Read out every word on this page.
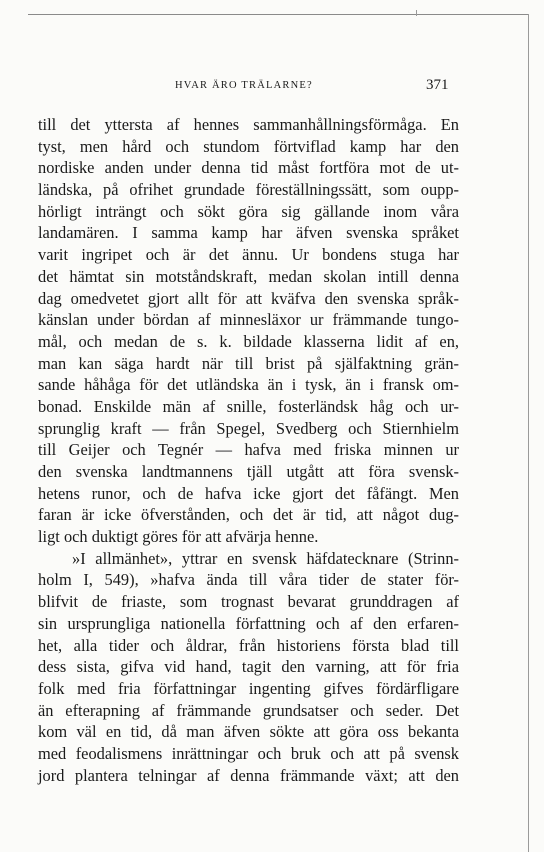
HVAR ÄRO TRÄLARNE?	371
till det yttersta af hennes sammanhållningsförmåga. En
tyst, men hård och stundom förtviflad kamp har den
nordiske anden under denna tid måst fortföra mot de ut-
ländska, på ofrihet grundade föreställningssätt, som oupp-
hörligt inträngt och sökt göra sig gällande inom våra
landamären. I samma kamp har äfven svenska språket
varit ingripet och är det ännu. Ur bondens stuga har
det hämtat sin motståndskraft, medan skolan intill denna
dag omedvetet gjort allt för att kväfva den svenska språk-
känslan under bördan af minnesläxor ur främmande tungo-
mål, och medan de s. k. bildade klasserna lidit af en,
man kan säga hardt när till brist på själfaktning grän-
sande håhåga för det utländska än i tysk, än i fransk om-
bonad. Enskilde män af snille, fosterländsk håg och ur-
sprunglig kraft — från Spegel, Svedberg och Stiernhielm
till Geijer och Tegnér — hafva med friska minnen ur
den svenska landtmannens tjäll utgått att föra svensk-
hetens runor, och de hafva icke gjort det fåfängt. Men
faran är icke öfverstånden, och det är tid, att något dug-
ligt och duktigt göres för att afvärja henne.
»I allmänhet», yttrar en svensk häfdatecknare (Strinn-
holm I, 549), »hafva ända till våra tider de stater för-
blifvit de friaste, som trognast bevarat grunddragen af
sin ursprungliga nationella författning och af den erfaren-
het, alla tider och åldrar, från historiens första blad till
dess sista, gifva vid hand, tagit den varning, att för fria
folk med fria författningar ingenting gifves fördärfligare
än efterapning af främmande grundsatser och seder. Det
kom väl en tid, då man äfven sökte att göra oss bekanta
med feodalismens inrättningar och bruk och att på svensk
jord plantera telningar af denna främmande växt; att den
